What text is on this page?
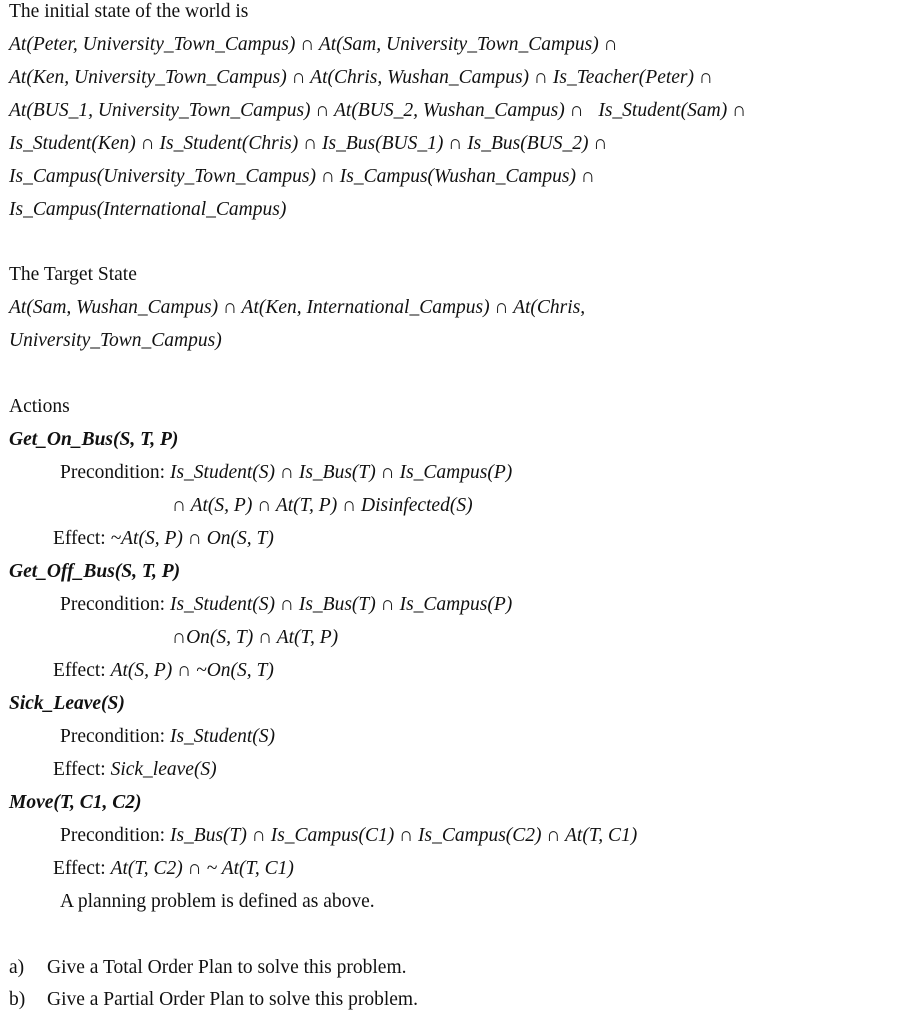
The initial state of the world is
At(Peter, University_Town_Campus) ∩ At(Sam, University_Town_Campus) ∩
At(Ken, University_Town_Campus) ∩ At(Chris, Wushan_Campus) ∩ Is_Teacher(Peter) ∩
At(BUS_1, University_Town_Campus) ∩ At(BUS_2, Wushan_Campus) ∩   Is_Student(Sam) ∩
Is_Student(Ken) ∩ Is_Student(Chris) ∩ Is_Bus(BUS_1) ∩ Is_Bus(BUS_2) ∩
Is_Campus(University_Town_Campus) ∩ Is_Campus(Wushan_Campus) ∩
Is_Campus(International_Campus)
The Target State
At(Sam, Wushan_Campus) ∩ At(Ken, International_Campus) ∩ At(Chris,
University_Town_Campus)
Actions
Get_On_Bus(S, T, P)
Precondition: Is_Student(S) ∩ Is_Bus(T) ∩ Is_Campus(P)
∩ At(S, P) ∩ At(T, P) ∩ Disinfected(S)
Effect: ~At(S, P) ∩ On(S, T)
Get_Off_Bus(S, T, P)
Precondition: Is_Student(S) ∩ Is_Bus(T) ∩ Is_Campus(P)
∩On(S, T) ∩ At(T, P)
Effect: At(S, P) ∩ ~On(S, T)
Sick_Leave(S)
Precondition: Is_Student(S)
Effect: Sick_leave(S)
Move(T, C1, C2)
Precondition: Is_Bus(T) ∩ Is_Campus(C1) ∩ Is_Campus(C2) ∩ At(T, C1)
Effect: At(T, C2) ∩ ~ At(T, C1)
A planning problem is defined as above.
a) Give a Total Order Plan to solve this problem.
b) Give a Partial Order Plan to solve this problem.
